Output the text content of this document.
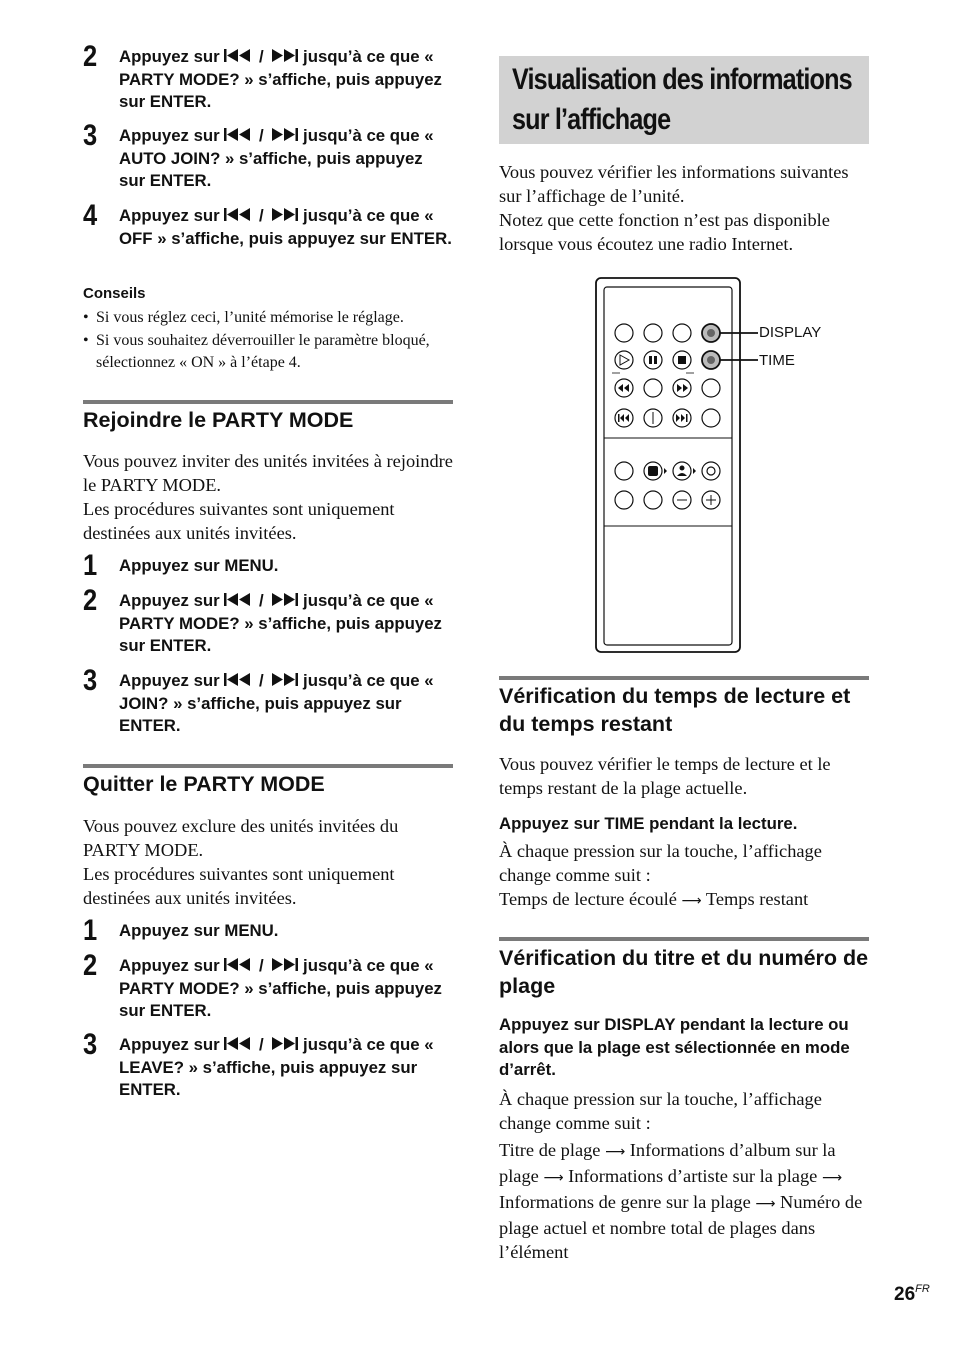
2 Appuyez sur  /  jusqu’à ce que « PARTY MODE? » s’affiche, puis appuyez sur ENTER.
3 Appuyez sur  /  jusqu’à ce que « AUTO JOIN? » s’affiche, puis appuyez sur ENTER.
4 Appuyez sur  /  jusqu’à ce que « OFF » s’affiche, puis appuyez sur ENTER.
Conseils
• Si vous réglez ceci, l’unité mémorise le réglage.
• Si vous souhaitez déverrouiller le paramètre bloqué, sélectionnez « ON » à l’étape 4.
Rejoindre le PARTY MODE
Vous pouvez inviter des unités invitées à rejoindre le PARTY MODE.
Les procédures suivantes sont uniquement destinées aux unités invitées.
1 Appuyez sur MENU.
2 Appuyez sur  /  jusqu’à ce que « PARTY MODE? » s’affiche, puis appuyez sur ENTER.
3 Appuyez sur  /  jusqu’à ce que « JOIN? » s’affiche, puis appuyez sur ENTER.
Quitter le PARTY MODE
Vous pouvez exclure des unités invitées du PARTY MODE.
Les procédures suivantes sont uniquement destinées aux unités invitées.
1 Appuyez sur MENU.
2 Appuyez sur  /  jusqu’à ce que « PARTY MODE? » s’affiche, puis appuyez sur ENTER.
3 Appuyez sur  /  jusqu’à ce que « LEAVE? » s’affiche, puis appuyez sur ENTER.
Visualisation des informations sur l’affichage
Vous pouvez vérifier les informations suivantes sur l’affichage de l’unité.
Notez que cette fonction n’est pas disponible lorsque vous écoutez une radio Internet.
DISPLAY
TIME
Vérification du temps de lecture et du temps restant
Vous pouvez vérifier le temps de lecture et le temps restant de la plage actuelle.
Appuyez sur TIME pendant la lecture.
À chaque pression sur la touche, l’affichage change comme suit :
Temps de lecture écoulé ⟶ Temps restant
Vérification du titre et du numéro de plage
Appuyez sur DISPLAY pendant la lecture ou alors que la plage est sélectionnée en mode d’arrêt.
À chaque pression sur la touche, l’affichage change comme suit :
Titre de plage ⟶ Informations d’album sur la plage ⟶ Informations d’artiste sur la plage ⟶ Informations de genre sur la plage ⟶ Numéro de plage actuel et nombre total de plages dans l’élément
$26^{FR}$
